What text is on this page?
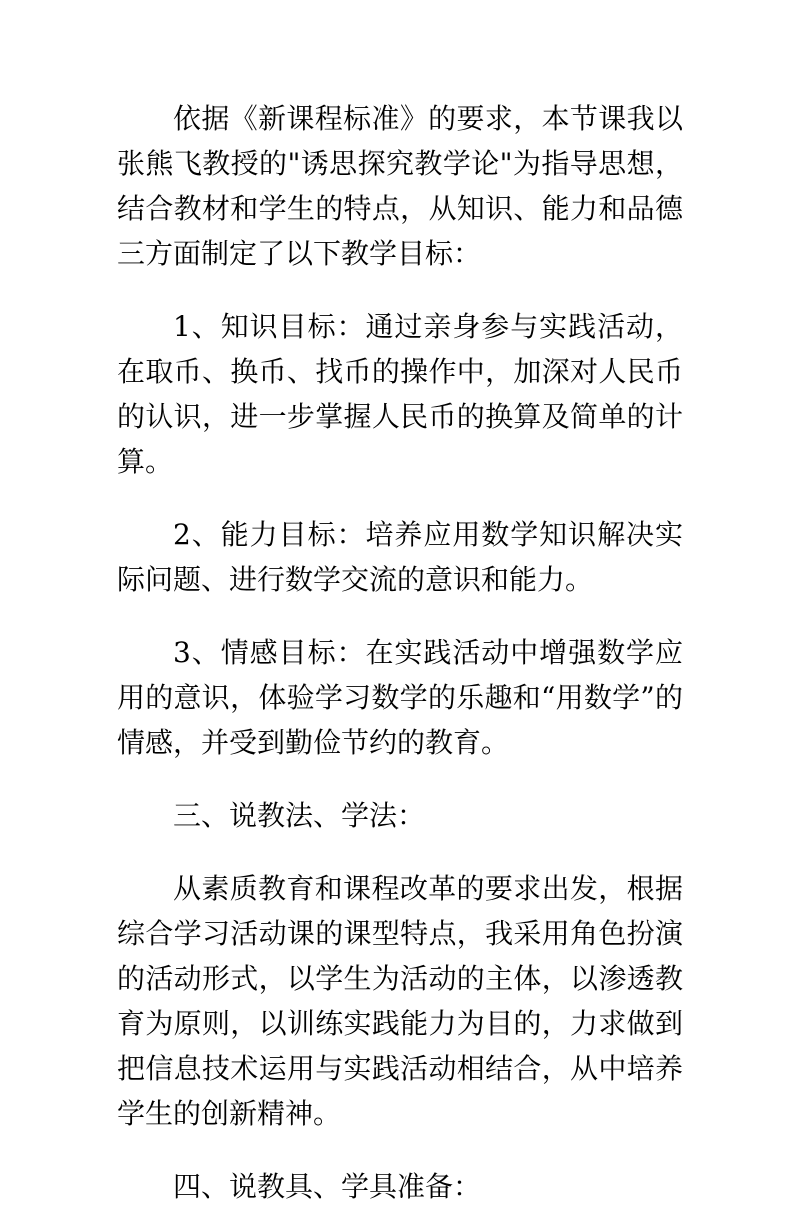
依据《新课程标准》的要求，本节课我以张熊飞教授的"诱思探究教学论"为指导思想，结合教材和学生的特点，从知识、能力和品德三方面制定了以下教学目标：

1、知识目标：通过亲身参与实践活动，在取币、换币、找币的操作中，加深对人民币的认识，进一步掌握人民币的换算及简单的计算。

2、能力目标：培养应用数学知识解决实际问题、进行数学交流的意识和能力。

3、情感目标：在实践活动中增强数学应用的意识，体验学习数学的乐趣和“用数学”的情感，并受到勤俭节约的教育。

三、说教法、学法：

从素质教育和课程改革的要求出发，根据综合学习活动课的课型特点，我采用角色扮演的活动形式，以学生为活动的主体，以渗透教育为原则，以训练实践能力为目的，力求做到把信息技术运用与实践活动相结合，从中培养学生的创新精神。

四、说教具、学具准备：
